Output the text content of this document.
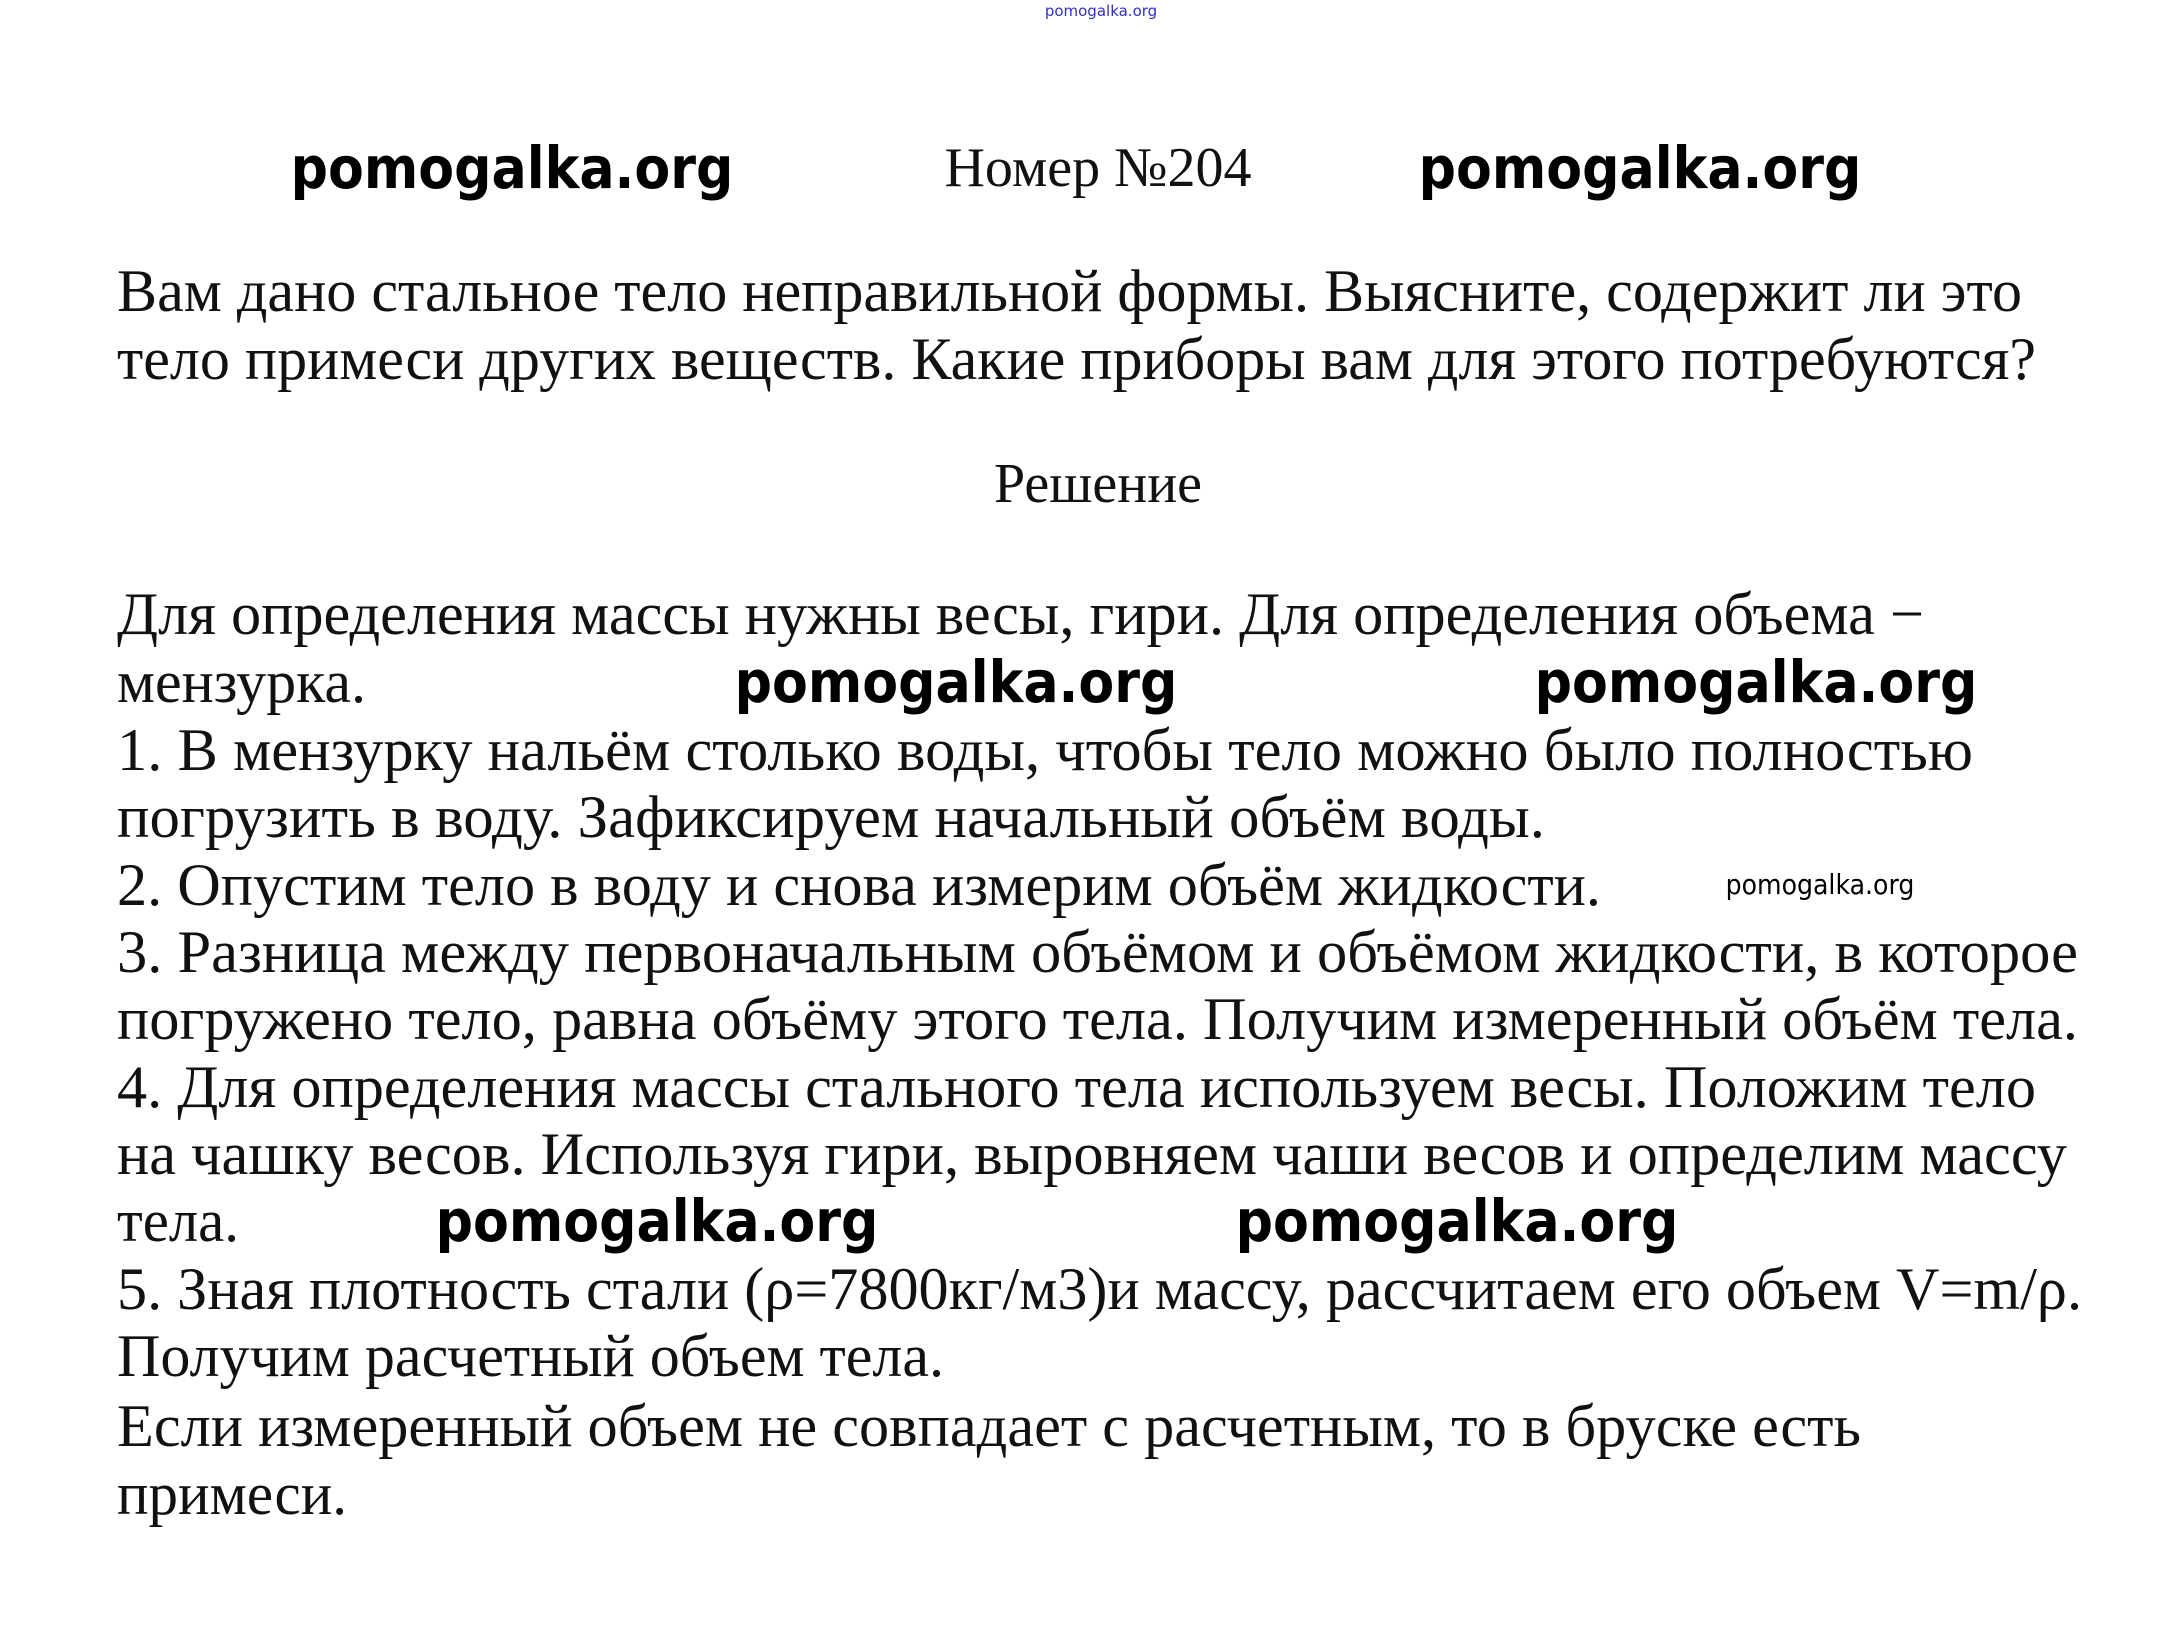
pomogalka.org
Номер №204
Вам дано стальное тело неправильной формы. Выясните, содержит ли это
тело примеси других веществ. Какие приборы вам для этого потребуются?
Решение
Для определения массы нужны весы, гири. Для определения объема −
мензурка.
1. В мензурку нальём столько воды, чтобы тело можно было полностью
погрузить в воду. Зафиксируем начальный объём воды.
2. Опустим тело в воду и снова измерим объём жидкости.
3. Разница между первоначальным объёмом и объёмом жидкости, в которое
погружено тело, равна объёму этого тела. Получим измеренный объём тела.
4. Для определения массы стального тела используем весы. Положим тело
на чашку весов. Используя гири, выровняем чаши весов и определим массу
тела.
5. Зная плотность стали (ρ=7800кг/м3)и массу, рассчитаем его объем V=m/ρ.
Получим расчетный объем тела.
Если измеренный объем не совпадает с расчетным, то в бруске есть
примеси.
pomogalka.org	pomogalka.org
pomogalka.org	pomogalka.org
pomogalka.org
pomogalka.org	pomogalka.org
